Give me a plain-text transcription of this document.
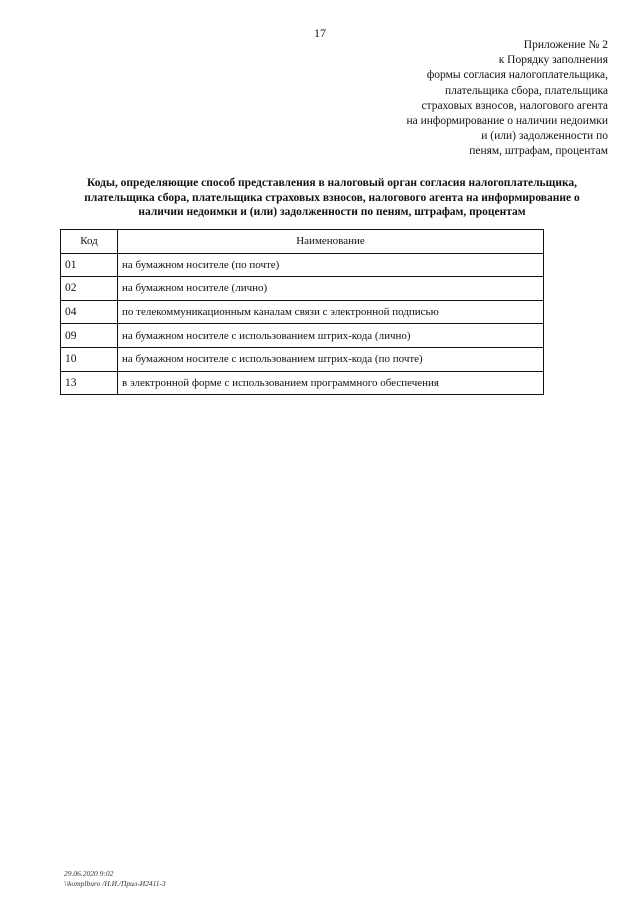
17
Приложение № 2
к Порядку заполнения
формы согласия налогоплательщика,
плательщика сбора, плательщика
страховых взносов, налогового агента
на информирование о наличии недоимки
и (или) задолженности по
пеням, штрафам, процентам
Коды, определяющие способ представления в налоговый орган согласия налогоплательщика,
плательщика сбора, плательщика страховых взносов, налогового агента на информирование о
наличии недоимки и (или) задолженности по пеням, штрафам, процентам
Код	Наименование
01	на бумажном носителе (по почте)
02	на бумажном носителе (лично)
04	по телекоммуникационным каналам связи с электронной подписью
09	на бумажном носителе с использованием штрих-кода (лично)
10	на бумажном носителе с использованием штрих-кода (по почте)
13	в электронной форме с использованием программного обеспечения
29.06.2020 9:02
\\komplburo /Н.И./Прил-И2411-3
